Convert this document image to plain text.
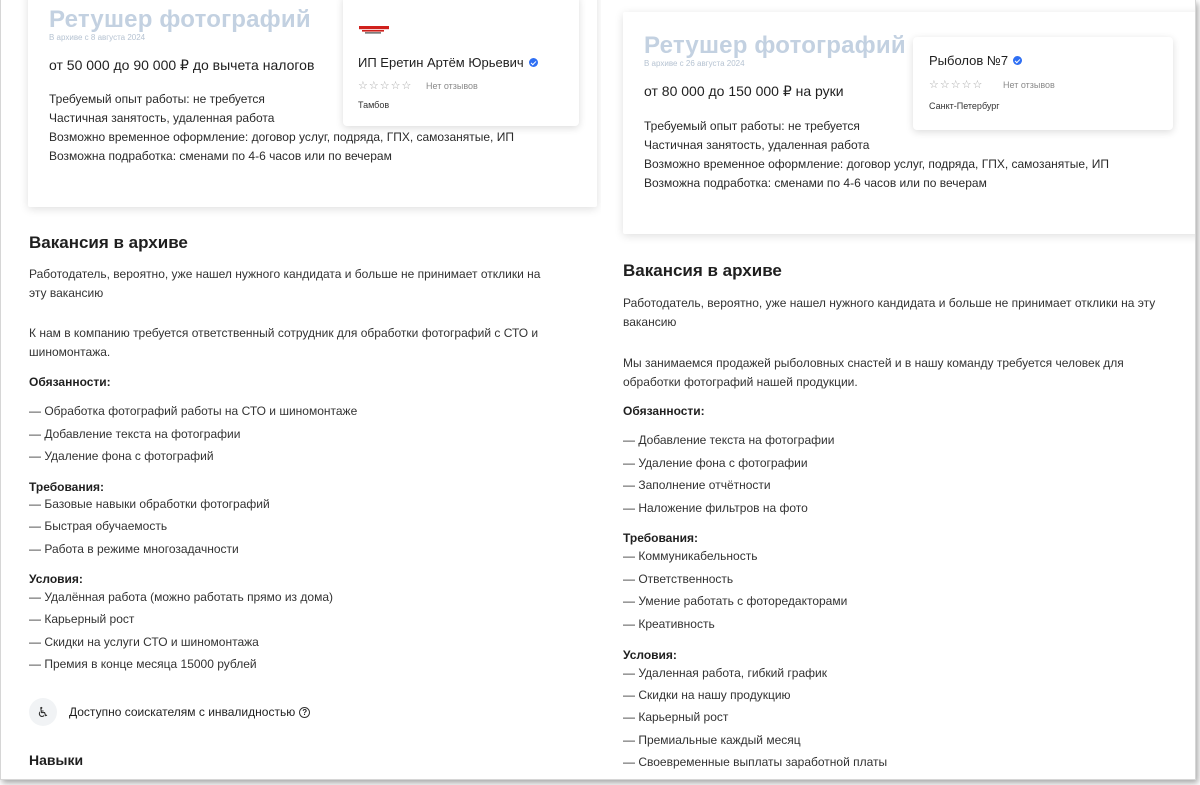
Ретушер фотографий
В архиве с 8 августа 2024
от 50 000 до 90 000 ₽ до вычета налогов
Требуемый опыт работы: не требуется
Частичная занятость, удаленная работа
Возможно временное оформление: договор услуг, подряда, ГПХ, самозанятые, ИП
Возможна подработка: сменами по 4-6 часов или по вечерам
ИП Еретин Артём Юрьевич
☆☆☆☆☆ Нет отзывов
Тамбов
Вакансия в архиве
Работодатель, вероятно, уже нашел нужного кандидата и больше не принимает отклики на эту вакансию
К нам в компанию требуется ответственный сотрудник для обработки фотографий с СТО и шиномонтажа.
Обязанности:
— Обработка фотографий работы на СТО и шиномонтаже
— Добавление текста на фотографии
— Удаление фона с фотографий
Требования:
— Базовые навыки обработки фотографий
— Быстрая обучаемость
— Работа в режиме многозадачности
Условия:
— Удалённая работа (можно работать прямо из дома)
— Карьерный рост
— Скидки на услуги СТО и шиномонтажа
— Премия в конце месяца 15000 рублей
♿	Доступно соискателям с инвалидностью ?
Навыки
Ретушер фотографий
В архиве с 26 августа 2024
от 80 000 до 150 000 ₽ на руки
Требуемый опыт работы: не требуется
Частичная занятость, удаленная работа
Возможно временное оформление: договор услуг, подряда, ГПХ, самозанятые, ИП
Возможна подработка: сменами по 4-6 часов или по вечерам
Рыболов №7
☆☆☆☆☆ Нет отзывов
Санкт-Петербург
Вакансия в архиве
Работодатель, вероятно, уже нашел нужного кандидата и больше не принимает отклики на эту вакансию
Мы занимаемся продажей рыболовных снастей и в нашу команду требуется человек для обработки фотографий нашей продукции.
Обязанности:
— Добавление текста на фотографии
— Удаление фона с фотографии
— Заполнение отчётности
— Наложение фильтров на фото
Требования:
— Коммуникабельность
— Ответственность
— Умение работать с фоторедакторами
— Креативность
Условия:
— Удаленная работа, гибкий график
— Скидки на нашу продукцию
— Карьерный рост
— Премиальные каждый месяц
— Своевременные выплаты заработной платы
